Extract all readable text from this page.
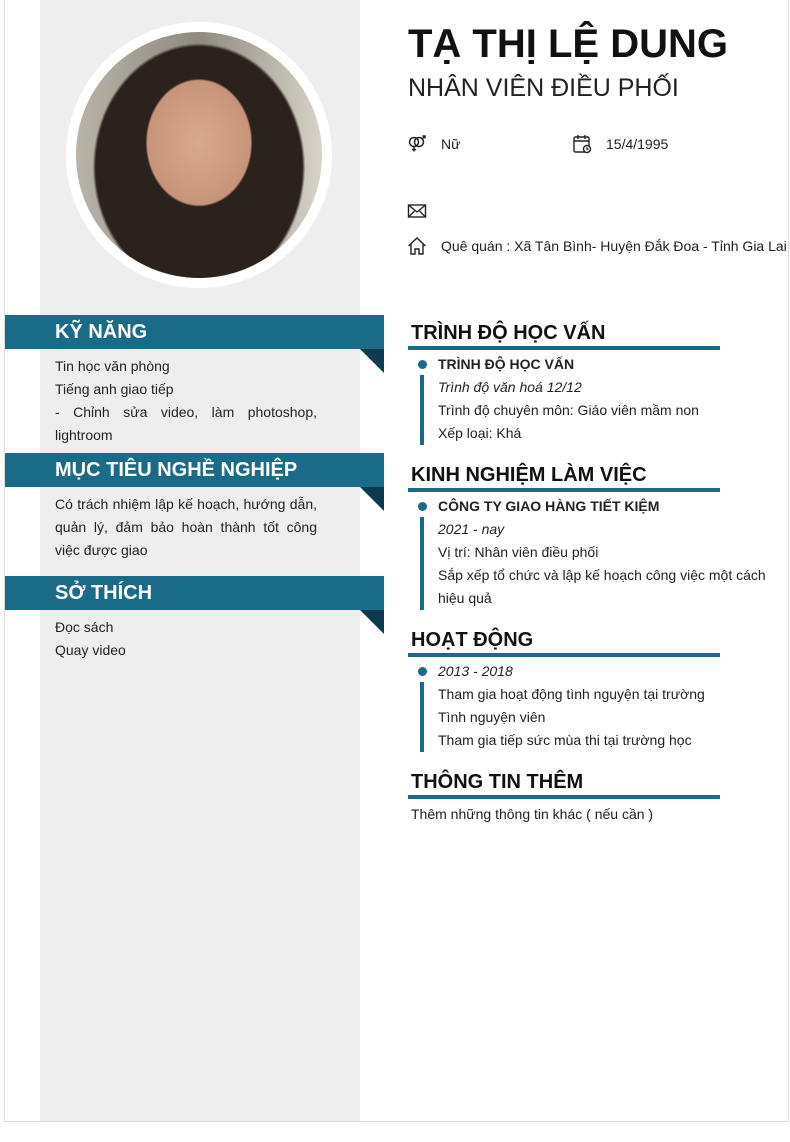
KỸ NĂNG
Tin học văn phòng
Tiếng anh giao tiếp
- Chỉnh sửa video, làm photoshop, lightroom
MỤC TIÊU NGHỀ NGHIỆP
Có trách nhiệm lập kế hoạch, hướng dẫn, quản lý, đảm bảo hoàn thành tốt công việc được giao
SỞ THÍCH
Đọc sách
Quay video
TẠ THỊ LỆ DUNG
NHÂN VIÊN ĐIỀU PHỐI
Nữ	15/4/1995
Quê quán : Xã Tân Bình- Huyện Đắk Đoa - Tỉnh Gia Lai
TRÌNH ĐỘ HỌC VẤN
TRÌNH ĐỘ HỌC VẤN
Trình độ văn hoá 12/12
Trình độ chuyên môn: Giáo viên mầm non
Xếp loại: Khá
KINH NGHIỆM LÀM VIỆC
CÔNG TY GIAO HÀNG TIẾT KIỆM
2021 - nay
Vị trí: Nhân viên điều phối
Sắp xếp tổ chức và lập kế hoạch công việc một cách hiệu quả
HOẠT ĐỘNG
2013 - 2018
Tham gia hoạt động tình nguyện tại trường
Tình nguyện viên
Tham gia tiếp sức mùa thi tại trường học
THÔNG TIN THÊM
Thêm những thông tin khác ( nếu cần )
